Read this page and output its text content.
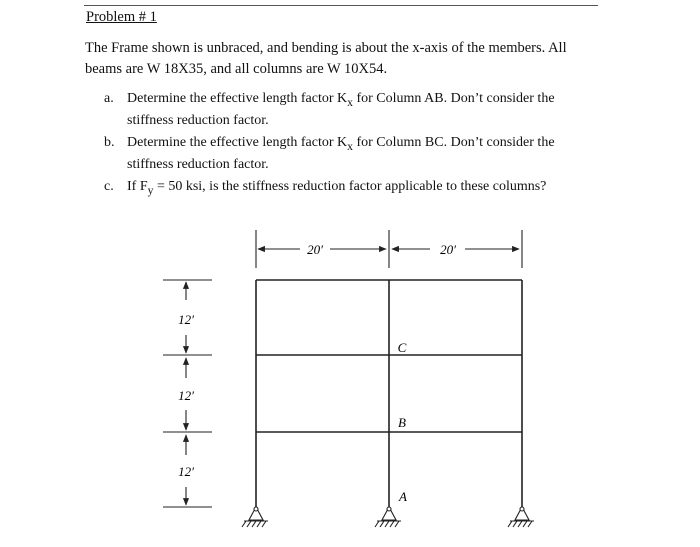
Problem # 1
The Frame shown is unbraced, and bending is about the x-axis of the members. All
beams are W 18X35, and all columns are W 10X54.
a. Determine the effective length factor $K_x$ for Column AB. Don’t consider the
stiffness reduction factor.
b. Determine the effective length factor $K_x$ for Column BC. Don’t consider the
stiffness reduction factor.
c. If $F_y = 50$ ksi, is the stiffness reduction factor applicable to these columns?
20′	20′
12′
12′
12′
C
B
A
